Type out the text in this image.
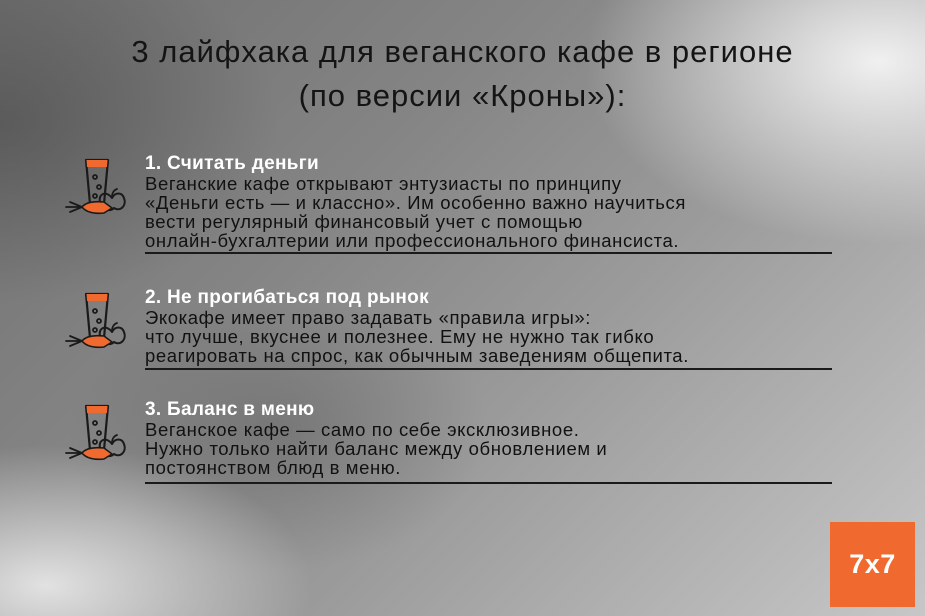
3 лайфхака для веганского кафе в регионе
(по версии «Кроны»):
1. Считать деньги
Веганские кафе открывают энтузиасты по принципу
«Деньги есть — и классно». Им особенно важно научиться
вести регулярный финансовый учет с помощью
онлайн-бухгалтерии или профессионального финансиста.
2. Не прогибаться под рынок
Экокафе имеет право задавать «правила игры»:
что лучше, вкуснее и полезнее. Ему не нужно так гибко
реагировать на спрос, как обычным заведениям общепита.
3. Баланс в меню
Веганское кафе — само по себе эксклюзивное.
Нужно только найти баланс между обновлением и
постоянством блюд в меню.
7x7
